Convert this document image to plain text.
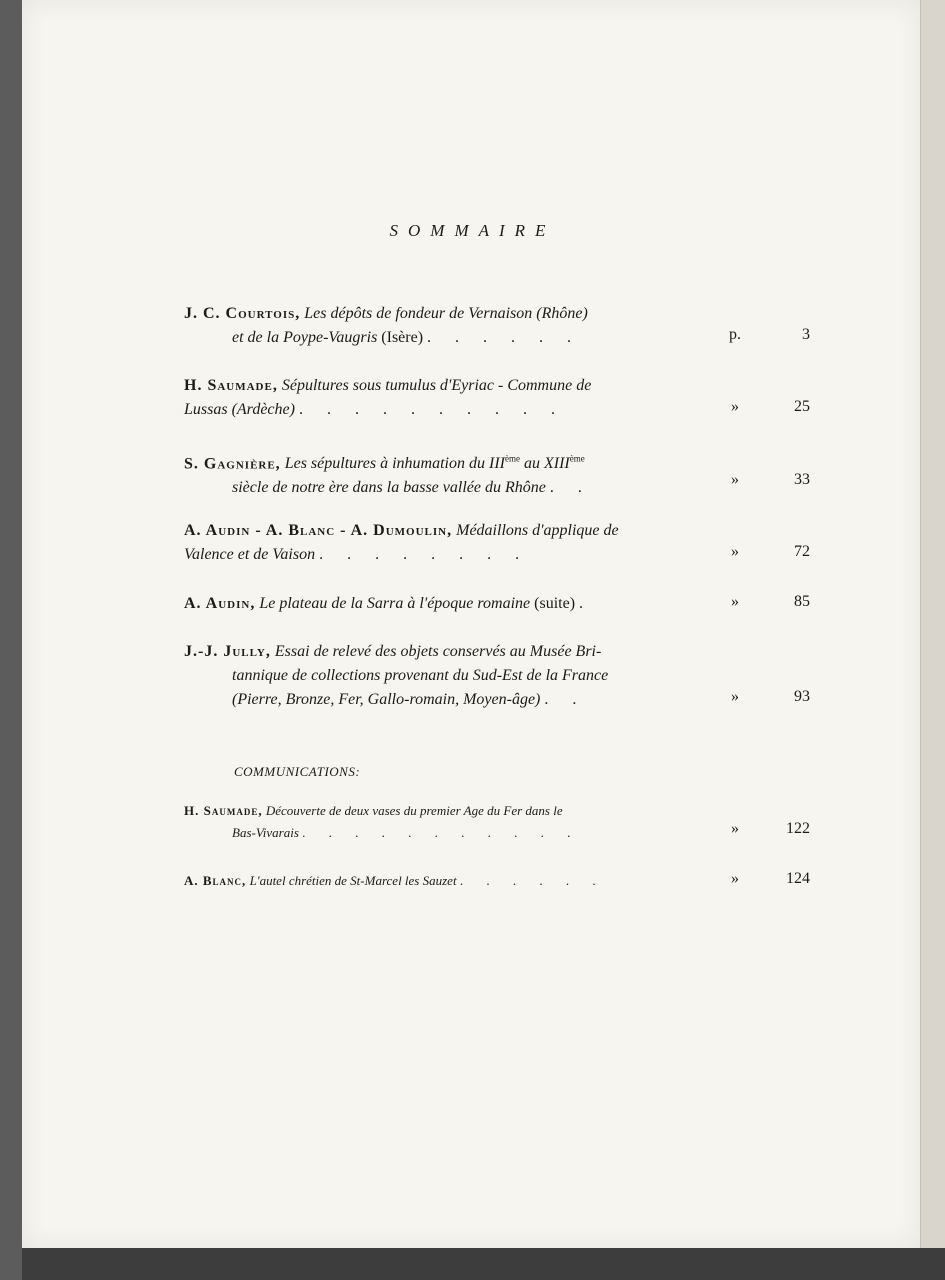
SOMMAIRE
J. C. Courtois, Les dépôts de fondeur de Vernaison (Rhône)
et de la Poype-Vaugris (Isère) . . . . . .	p.	3
H. Saumade, Sépultures sous tumulus d'Eyriac - Commune de
Lussas (Ardèche) . . . . . . . . . .	»	25
S. Gagnière, Les sépultures à inhumation du IIIème au XIIIème
siècle de notre ère dans la basse vallée du Rhône . .	»	33
A. Audin - A. Blanc - A. Dumoulin, Médaillons d'applique de
Valence et de Vaison . . . . . . . .	»	72
A. Audin, Le plateau de la Sarra à l'époque romaine (suite) .	»	85
J.-J. Jully, Essai de relevé des objets conservés au Musée Bri-
tannique de collections provenant du Sud-Est de la France
(Pierre, Bronze, Fer, Gallo-romain, Moyen-âge) . .	»	93
COMMUNICATIONS:
H. Saumade, Découverte de deux vases du premier Age du Fer dans le
Bas-Vivarais . . . . . . . . . . .	»	122
A. Blanc, L'autel chrétien de St-Marcel les Sauzet . . . . . .	»	124
